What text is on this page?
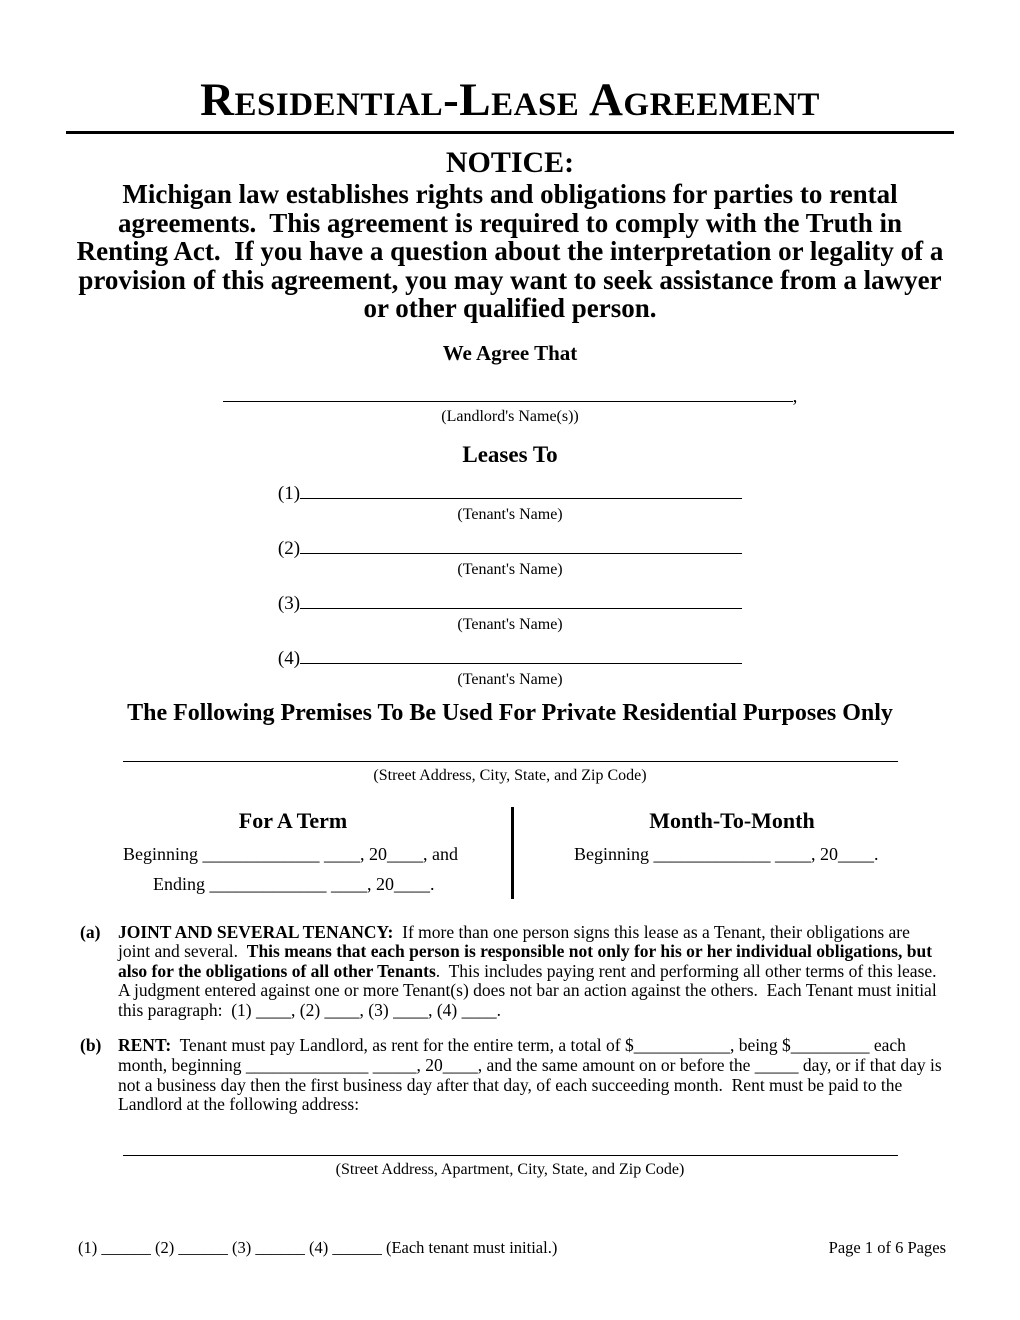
Residential-Lease Agreement
NOTICE:
Michigan law establishes rights and obligations for parties to rental agreements.  This agreement is required to comply with the Truth in Renting Act.  If you have a question about the interpretation or legality of a provision of this agreement, you may want to seek assistance from a lawyer or other qualified person.
We Agree That
,
(Landlord's Name(s))
Leases To
(1)
(Tenant's Name)
(2)
(Tenant's Name)
(3)
(Tenant's Name)
(4)
(Tenant's Name)
The Following Premises To Be Used For Private Residential Purposes Only
(Street Address, City, State, and Zip Code)
For A Term
Beginning _____________ ____, 20____, and
Ending _____________ ____, 20____.
Month-To-Month
Beginning _____________ ____, 20____.
(a)	JOINT AND SEVERAL TENANCY:  If more than one person signs this lease as a Tenant, their obligations are joint and several.  This means that each person is responsible not only for his or her individual obligations, but also for the obligations of all other Tenants.  This includes paying rent and performing all other terms of this lease.  A judgment entered against one or more Tenant(s) does not bar an action against the others.  Each Tenant must initial this paragraph:  (1) ____, (2) ____, (3) ____, (4) ____.
(b) RENT:  Tenant must pay Landlord, as rent for the entire term, a total of $___________, being $_________ each month, beginning ______________ _____, 20____, and the same amount on or before the _____ day, or if that day is not a business day then the first business day after that day, of each succeeding month.  Rent must be paid to the Landlord at the following address:
(Street Address, Apartment, City, State, and Zip Code)
(1) ______ (2) ______ (3) ______ (4) ______ (Each tenant must initial.)	Page 1 of 6 Pages
